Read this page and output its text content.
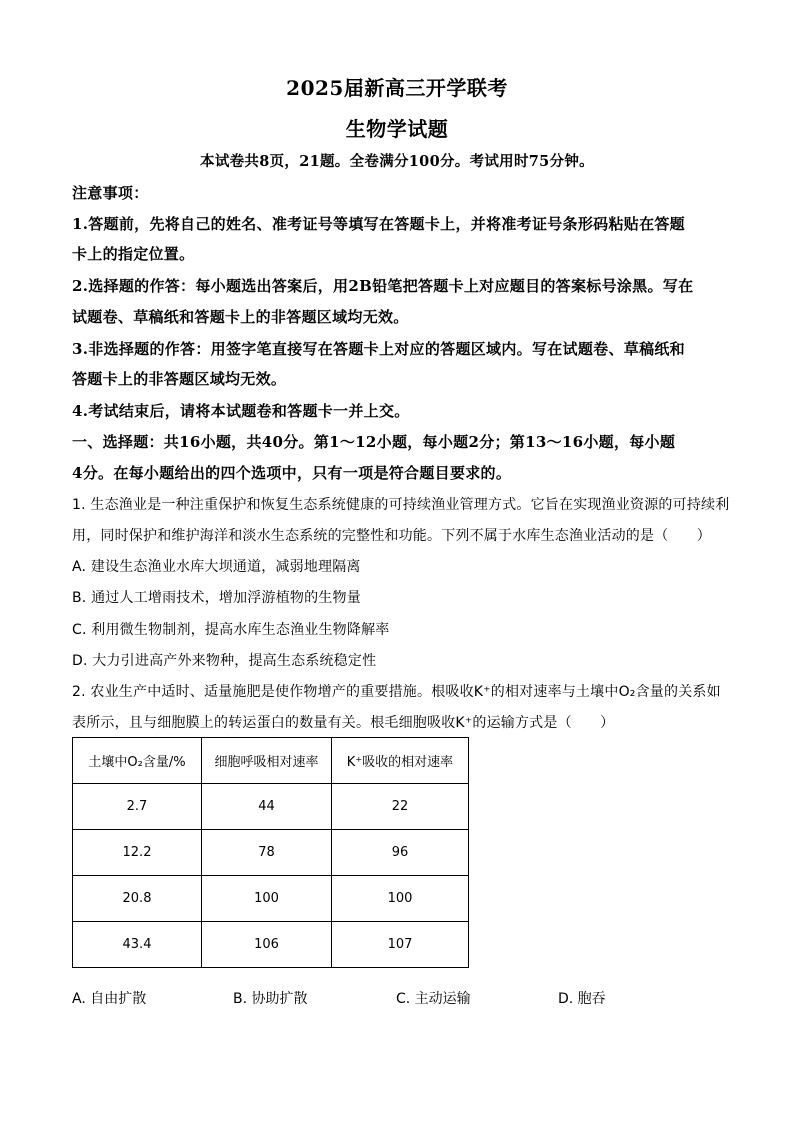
2025届新高三开学联考
生物学试题
本试卷共8页，21题。全卷满分100分。考试用时75分钟。
注意事项：
1.答题前，先将自己的姓名、准考证号等填写在答题卡上，并将准考证号条形码粘贴在答题
卡上的指定位置。
2.选择题的作答：每小题选出答案后，用2B铅笔把答题卡上对应题目的答案标号涂黑。写在
试题卷、草稿纸和答题卡上的非答题区域均无效。
3.非选择题的作答：用签字笔直接写在答题卡上对应的答题区域内。写在试题卷、草稿纸和
答题卡上的非答题区域均无效。
4.考试结束后，请将本试题卷和答题卡一并上交。
一、选择题：共16小题，共40分。第1～12小题，每小题2分；第13～16小题，每小题
4分。在每小题给出的四个选项中，只有一项是符合题目要求的。
1. 生态渔业是一种注重保护和恢复生态系统健康的可持续渔业管理方式。它旨在实现渔业资源的可持续利
用，同时保护和维护海洋和淡水生态系统的完整性和功能。下列不属于水库生态渔业活动的是（　　）
A. 建设生态渔业水库大坝通道，减弱地理隔离
B. 通过人工增雨技术，增加浮游植物的生物量
C. 利用微生物制剂，提高水库生态渔业生物降解率
D. 大力引进高产外来物种，提高生态系统稳定性
2. 农业生产中适时、适量施肥是使作物增产的重要措施。根吸收K⁺的相对速率与土壤中O₂含量的关系如
表所示，且与细胞膜上的转运蛋白的数量有关。根毛细胞吸收K⁺的运输方式是（　　）
土壤中O₂含量/%	细胞呼吸相对速率	K⁺吸收的相对速率
2.7	44	22
12.2	78	96
20.8	100	100
43.4	106	107
A. 自由扩散	B. 协助扩散	C. 主动运输	D. 胞吞
